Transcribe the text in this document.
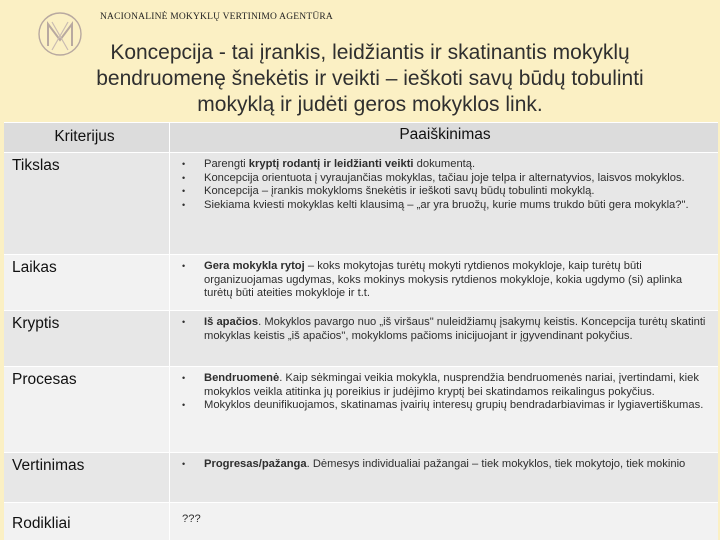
NACIONALINĖ MOKYKLŲ VERTINIMO AGENTŪRA
Koncepcija - tai įrankis, leidžiantis ir skatinantis mokyklų bendruomenę šnekėtis ir veikti – ieškoti savų būdų tobulinti mokyklą ir judėti geros mokyklos link.
Kriterijus	Paaiškinimas
Tikslas	• Parengti kryptį rodantį ir leidžianti veikti dokumentą.
• Koncepcija orientuota į vyraujančias mokyklas, tačiau joje telpa ir alternatyvios, laisvos mokyklos.
• Koncepcija – įrankis mokykloms šnekėtis ir ieškoti savų būdų tobulinti mokyklą.
• Siekiama kviesti mokyklas kelti klausimą – „ar yra bruožų, kurie mums trukdo būti gera mokykla?".
Laikas	• Gera mokykla rytoj – koks mokytojas turėtų mokyti rytdienos mokykloje, kaip turėtų būti organizuojamas ugdymas, koks mokinys mokysis rytdienos mokykloje, kokia ugdymo (si) aplinka turėtų būti ateities mokykloje ir t.t.
Kryptis	• Iš apačios. Mokyklos pavargo nuo „iš viršaus" nuleidžiamų įsakymų keistis. Koncepcija turėtų skatinti mokyklas keistis „iš apačios", mokykloms pačioms inicijuojant ir įgyvendinant pokyčius.
Procesas	• Bendruomenė. Kaip sėkmingai veikia mokykla, nusprendžia bendruomenės nariai, įvertindami, kiek mokyklos veikla atitinka jų poreikius ir judėjimo kryptį bei skatindamos reikalingus pokyčius.
• Mokyklos deunifikuojamos, skatinamas įvairių interesų grupių bendradarbiavimas ir lygiavertiškumas.
Vertinimas	• Progresas/pažanga. Dėmesys individualiai pažangai – tiek mokyklos, tiek mokytojo, tiek mokinio
Rodikliai	???
